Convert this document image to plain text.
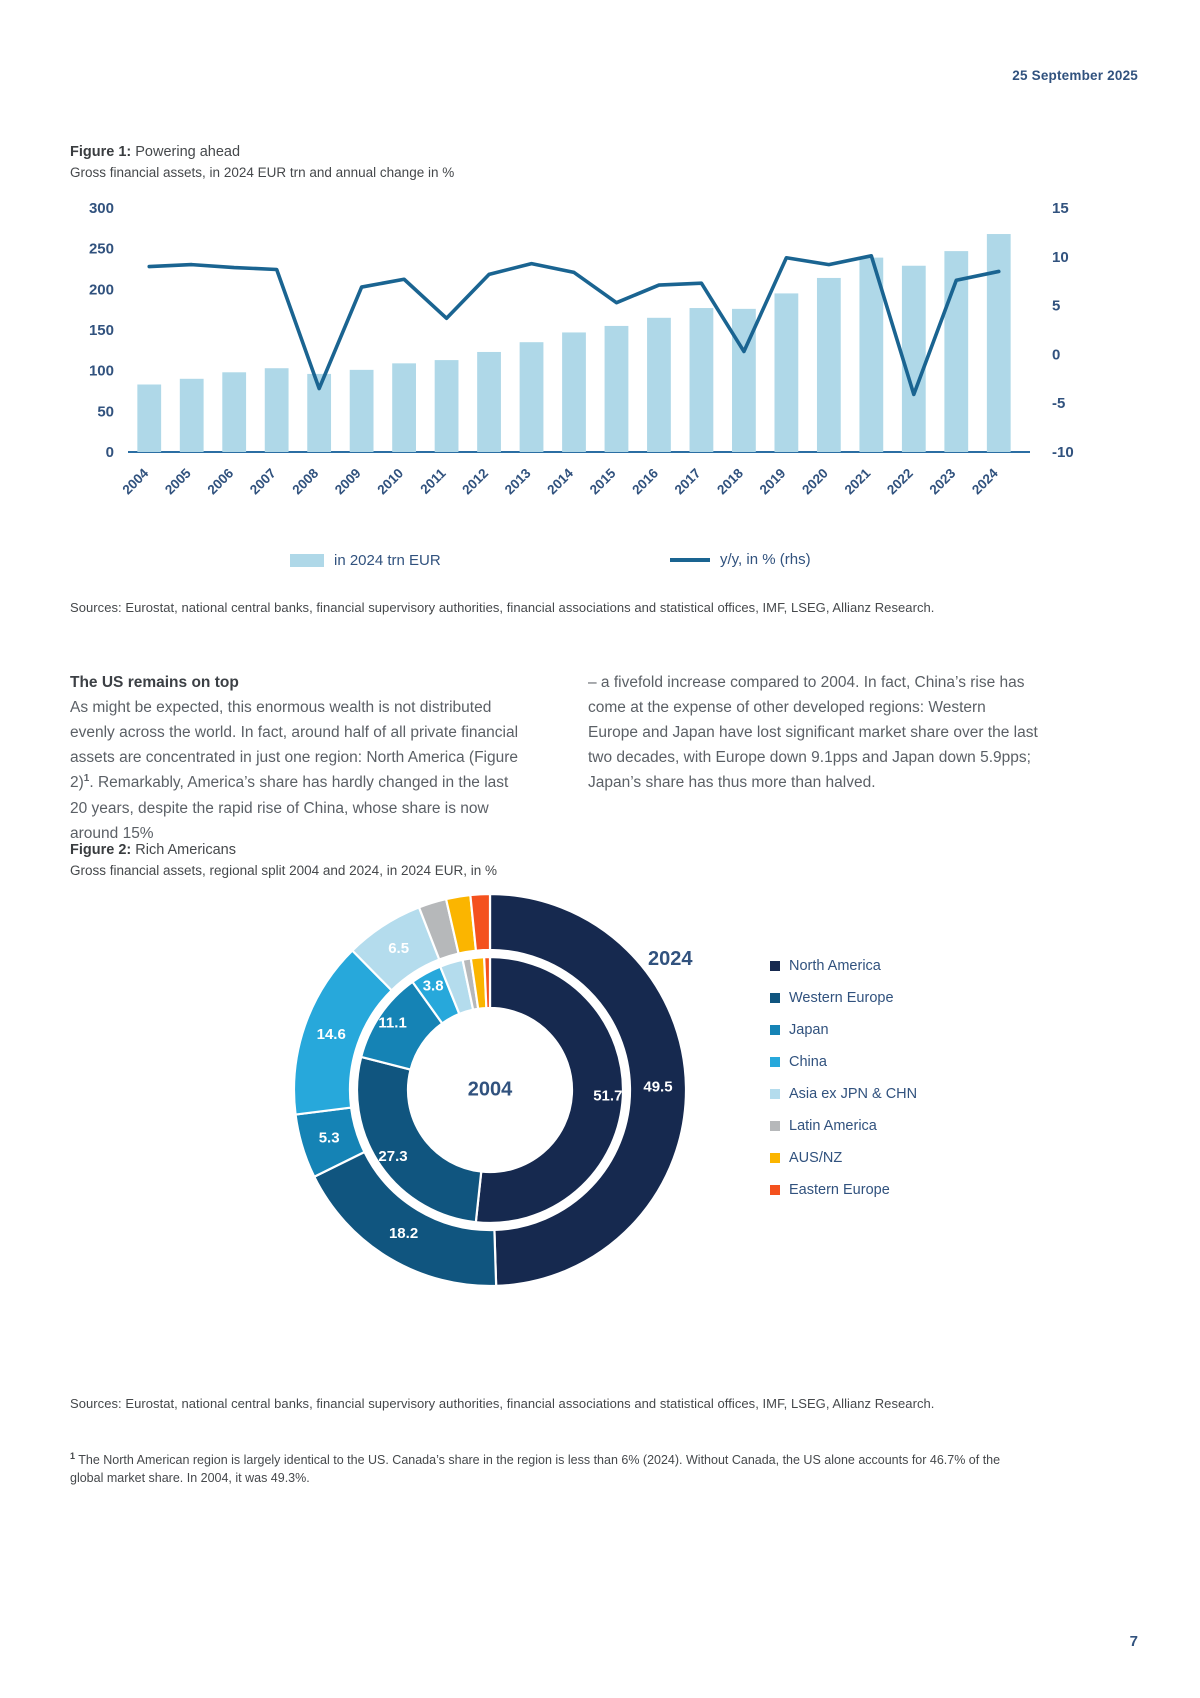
25 September 2025
Figure 1: Powering ahead
Gross financial assets, in 2024 EUR trn and annual change in %
0
50
100
150
200
250
300
-10
-5
0
5
10
15
2004 2005 2006 2007 2008 2009 2010 2011 2012 2013 2014 2015 2016 2017 2018 2019 2020 2021 2022 2023 2024
in 2024 trn EUR	y/y, in % (rhs)
Sources: Eurostat, national central banks, financial supervisory authorities, financial associations and statistical offices, IMF, LSEG, Allianz Research.
The US remains on top
As might be expected, this enormous wealth is not distributed evenly across the world. In fact, around half of all private financial assets are concentrated in just one region: North America (Figure 2)$^1$. Remarkably, America’s share has hardly changed in the last 20 years, despite the rapid rise of China, whose share is now around 15%
– a fivefold increase compared to 2004. In fact, China’s rise has come at the expense of other developed regions: Western Europe and Japan have lost significant market share over the last two decades, with Europe down 9.1pps and Japan down 5.9pps; Japan’s share has thus more than halved.
Figure 2: Rich Americans
Gross financial assets, regional split 2004 and 2024, in 2024 EUR, in %
51.7
27.3
11.1
3.8
49.5
18.2
5.3
14.6
6.5
2004
2024	North America
Western Europe
Japan
China
Asia ex JPN & CHN
Latin America
AUS/NZ
Eastern Europe
Sources: Eurostat, national central banks, financial supervisory authorities, financial associations and statistical offices, IMF, LSEG, Allianz Research.
$^1$ The North American region is largely identical to the US. Canada’s share in the region is less than 6% (2024). Without Canada, the US alone accounts for 46.7% of the global market share. In 2004, it was 49.3%.
7
